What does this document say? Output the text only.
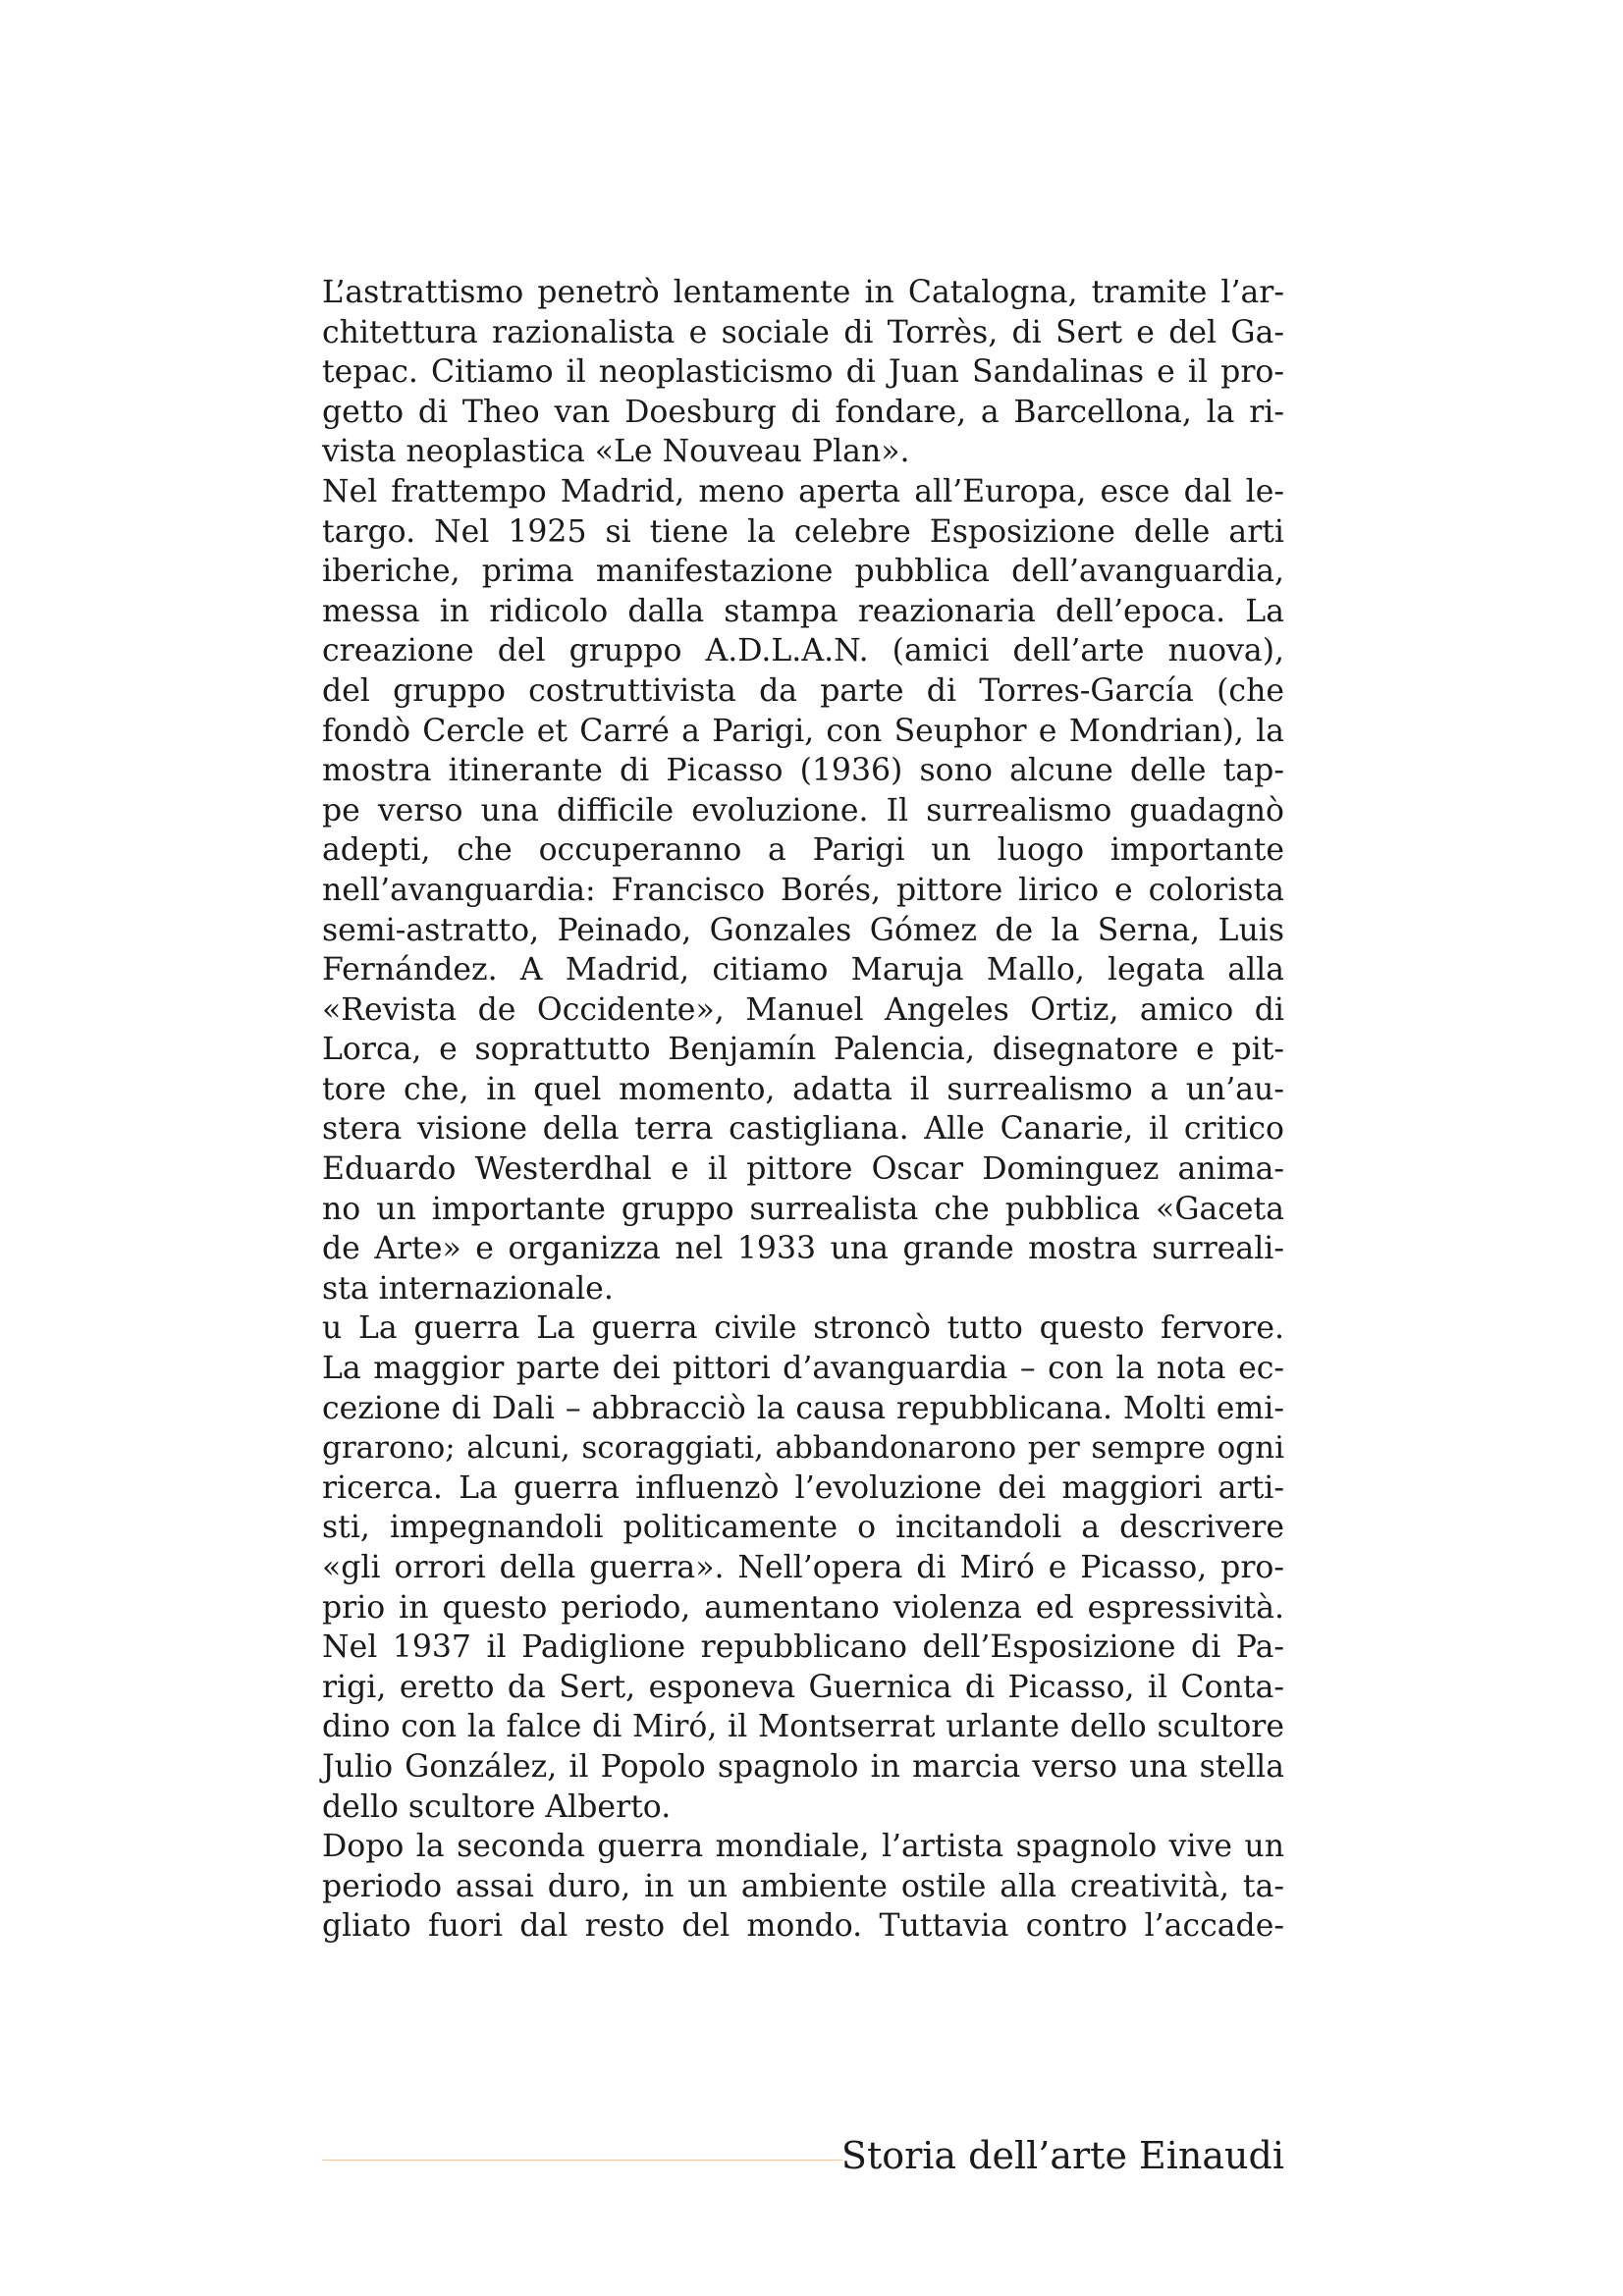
L’astrattismo penetrò lentamente in Catalogna, tramite l’ar-
chitettura razionalista e sociale di Torrès, di Sert e del Ga-
tepac. Citiamo il neoplasticismo di Juan Sandalinas e il pro-
getto di Theo van Doesburg di fondare, a Barcellona, la ri-
vista neoplastica «Le Nouveau Plan».
Nel frattempo Madrid, meno aperta all’Europa, esce dal le-
targo. Nel 1925 si tiene la celebre Esposizione delle arti
iberiche, prima manifestazione pubblica dell’avanguardia,
messa in ridicolo dalla stampa reazionaria dell’epoca. La
creazione del gruppo A.D.L.A.N. (amici dell’arte nuova),
del gruppo costruttivista da parte di Torres-García (che
fondò Cercle et Carré a Parigi, con Seuphor e Mondrian), la
mostra itinerante di Picasso (1936) sono alcune delle tap-
pe verso una difficile evoluzione. Il surrealismo guadagnò
adepti, che occuperanno a Parigi un luogo importante
nell’avanguardia: Francisco Borés, pittore lirico e colorista
semi-astratto, Peinado, Gonzales Gómez de la Serna, Luis
Fernández. A Madrid, citiamo Maruja Mallo, legata alla
«Revista de Occidente», Manuel Angeles Ortiz, amico di
Lorca, e soprattutto Benjamín Palencia, disegnatore e pit-
tore che, in quel momento, adatta il surrealismo a un’au-
stera visione della terra castigliana. Alle Canarie, il critico
Eduardo Westerdhal e il pittore Oscar Dominguez anima-
no un importante gruppo surrealista che pubblica «Gaceta
de Arte» e organizza nel 1933 una grande mostra surreali-
sta internazionale.
u La guerra La guerra civile stroncò tutto questo fervore.
La maggior parte dei pittori d’avanguardia – con la nota ec-
cezione di Dali – abbracciò la causa repubblicana. Molti emi-
grarono; alcuni, scoraggiati, abbandonarono per sempre ogni
ricerca. La guerra influenzò l’evoluzione dei maggiori arti-
sti, impegnandoli politicamente o incitandoli a descrivere
«gli orrori della guerra». Nell’opera di Miró e Picasso, pro-
prio in questo periodo, aumentano violenza ed espressività.
Nel 1937 il Padiglione repubblicano dell’Esposizione di Pa-
rigi, eretto da Sert, esponeva Guernica di Picasso, il Conta-
dino con la falce di Miró, il Montserrat urlante dello scultore
Julio González, il Popolo spagnolo in marcia verso una stella
dello scultore Alberto.
Dopo la seconda guerra mondiale, l’artista spagnolo vive un
periodo assai duro, in un ambiente ostile alla creatività, ta-
gliato fuori dal resto del mondo. Tuttavia contro l’accade-
Storia dell’arte Einaudi
